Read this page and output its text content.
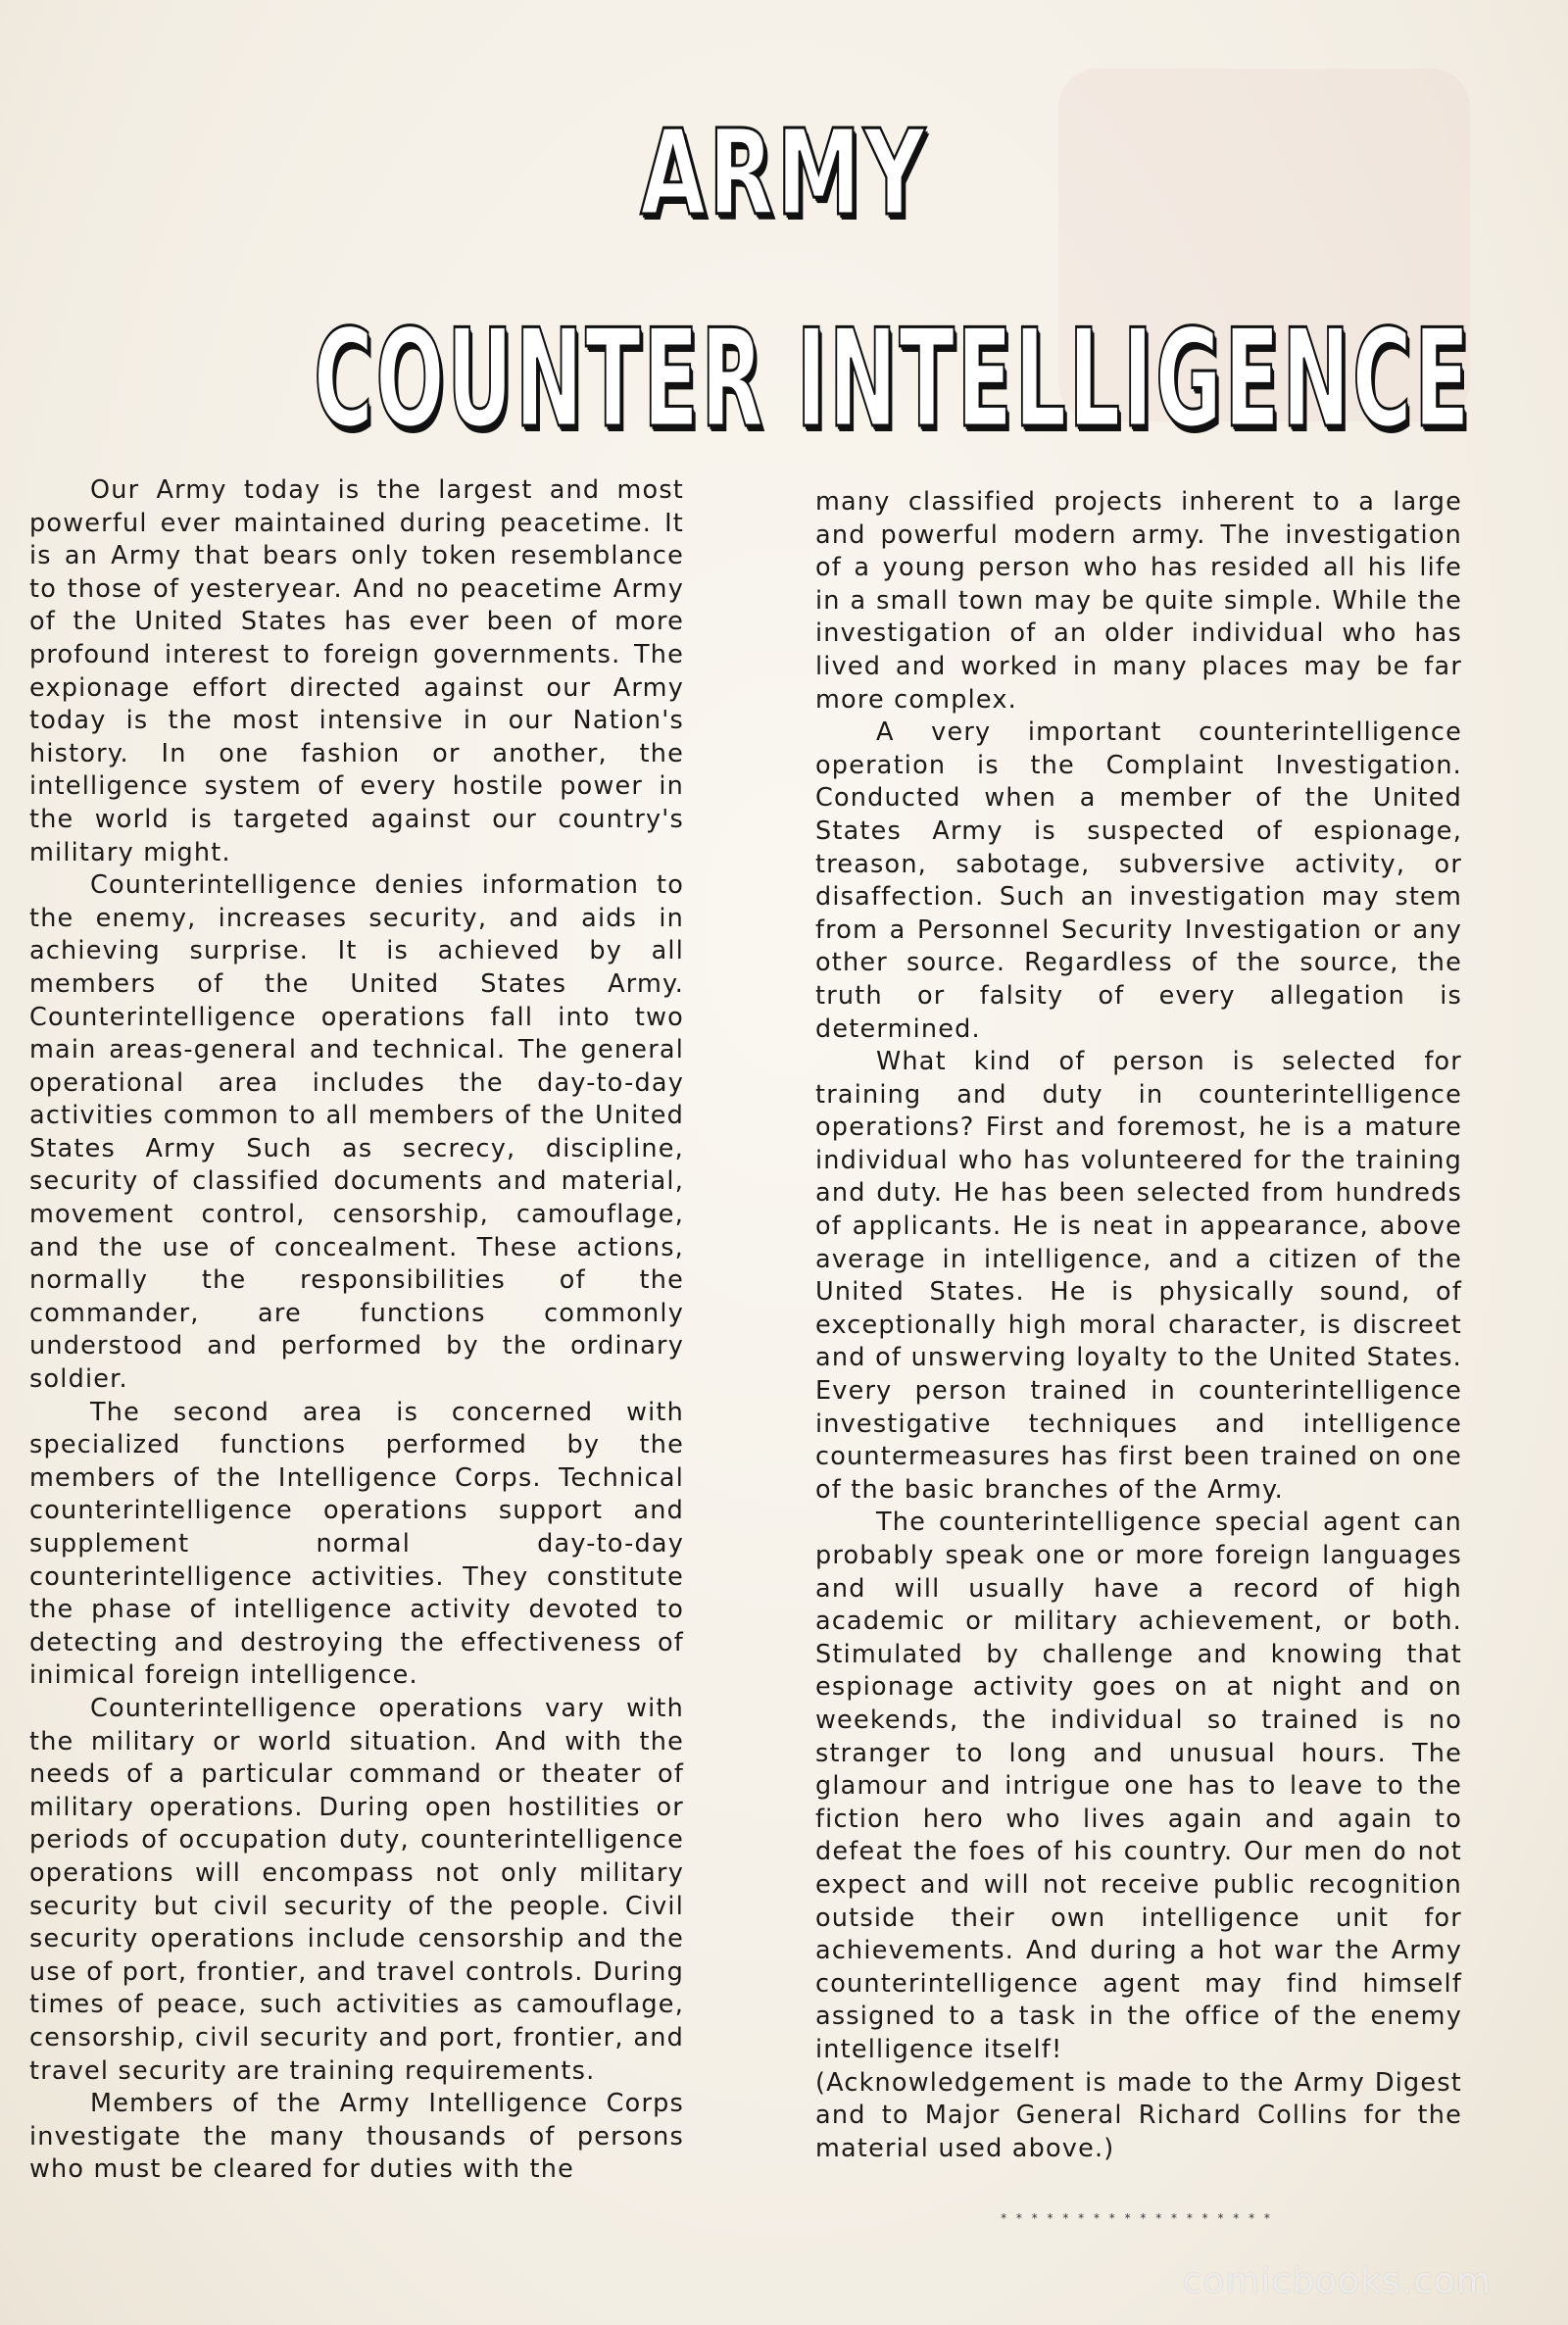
ARMY
COUNTER INTELLIGENCE

Our Army today is the largest and most powerful ever maintained during peacetime. It is an Army that bears only token resemblance to those of yesteryear. And no peacetime Army of the United States has ever been of more profound interest to foreign governments. The expionage effort directed against our Army today is the most intensive in our Nation's history. In one fashion or another, the intelligence system of every hostile power in the world is targeted against our country's military might.

Counterintelligence denies information to the enemy, increases security, and aids in achieving surprise. It is achieved by all members of the United States Army. Counterintelligence operations fall into two main areas-general and technical. The general operational area includes the day-to-day activities common to all members of the United States Army Such as secrecy, discipline, security of classified documents and material, movement control, censorship, camouflage, and the use of concealment. These actions, normally the responsibilities of the commander, are functions commonly understood and performed by the ordinary soldier.

The second area is concerned with specialized functions performed by the members of the Intelligence Corps. Technical counterintelligence operations support and supplement normal day-to-day counterintelligence activities. They constitute the phase of intelligence activity devoted to detecting and destroying the effectiveness of inimical foreign intelligence.

Counterintelligence operations vary with the military or world situation. And with the needs of a particular command or theater of military operations. During open hostilities or periods of occupation duty, counterintelligence operations will encompass not only military security but civil security of the people. Civil security operations include censorship and the use of port, frontier, and travel controls. During times of peace, such activities as camouflage, censorship, civil security and port, frontier, and travel security are training requirements.

Members of the Army Intelligence Corps investigate the many thousands of persons who must be cleared for duties with the

many classified projects inherent to a large and powerful modern army. The investigation of a young person who has resided all his life in a small town may be quite simple. While the investigation of an older individual who has lived and worked in many places may be far more complex.

A very important counterintelligence operation is the Complaint Investigation. Conducted when a member of the United States Army is suspected of espionage, treason, sabotage, subversive activity, or disaffection. Such an investigation may stem from a Personnel Security Investigation or any other source. Regardless of the source, the truth or falsity of every allegation is determined.

What kind of person is selected for training and duty in counterintelligence operations? First and foremost, he is a mature individual who has volunteered for the training and duty. He has been selected from hundreds of applicants. He is neat in appearance, above average in intelligence, and a citizen of the United States. He is physically sound, of exceptionally high moral character, is discreet and of unswerving loyalty to the United States. Every person trained in counterintelligence investigative techniques and intelligence countermeasures has first been trained on one of the basic branches of the Army.

The counterintelligence special agent can probably speak one or more foreign languages and will usually have a record of high academic or military achievement, or both. Stimulated by challenge and knowing that espionage activity goes on at night and on weekends, the individual so trained is no stranger to long and unusual hours. The glamour and intrigue one has to leave to the fiction hero who lives again and again to defeat the foes of his country. Our men do not expect and will not receive public recognition outside their own intelligence unit for achievements. And during a hot war the Army counterintelligence agent may find himself assigned to a task in the office of the enemy intelligence itself!

(Acknowledgement is made to the Army Digest and to Major General Richard Collins for the material used above.)

* * * * * * * * * * * * * * * * * *
comicbooks.com
